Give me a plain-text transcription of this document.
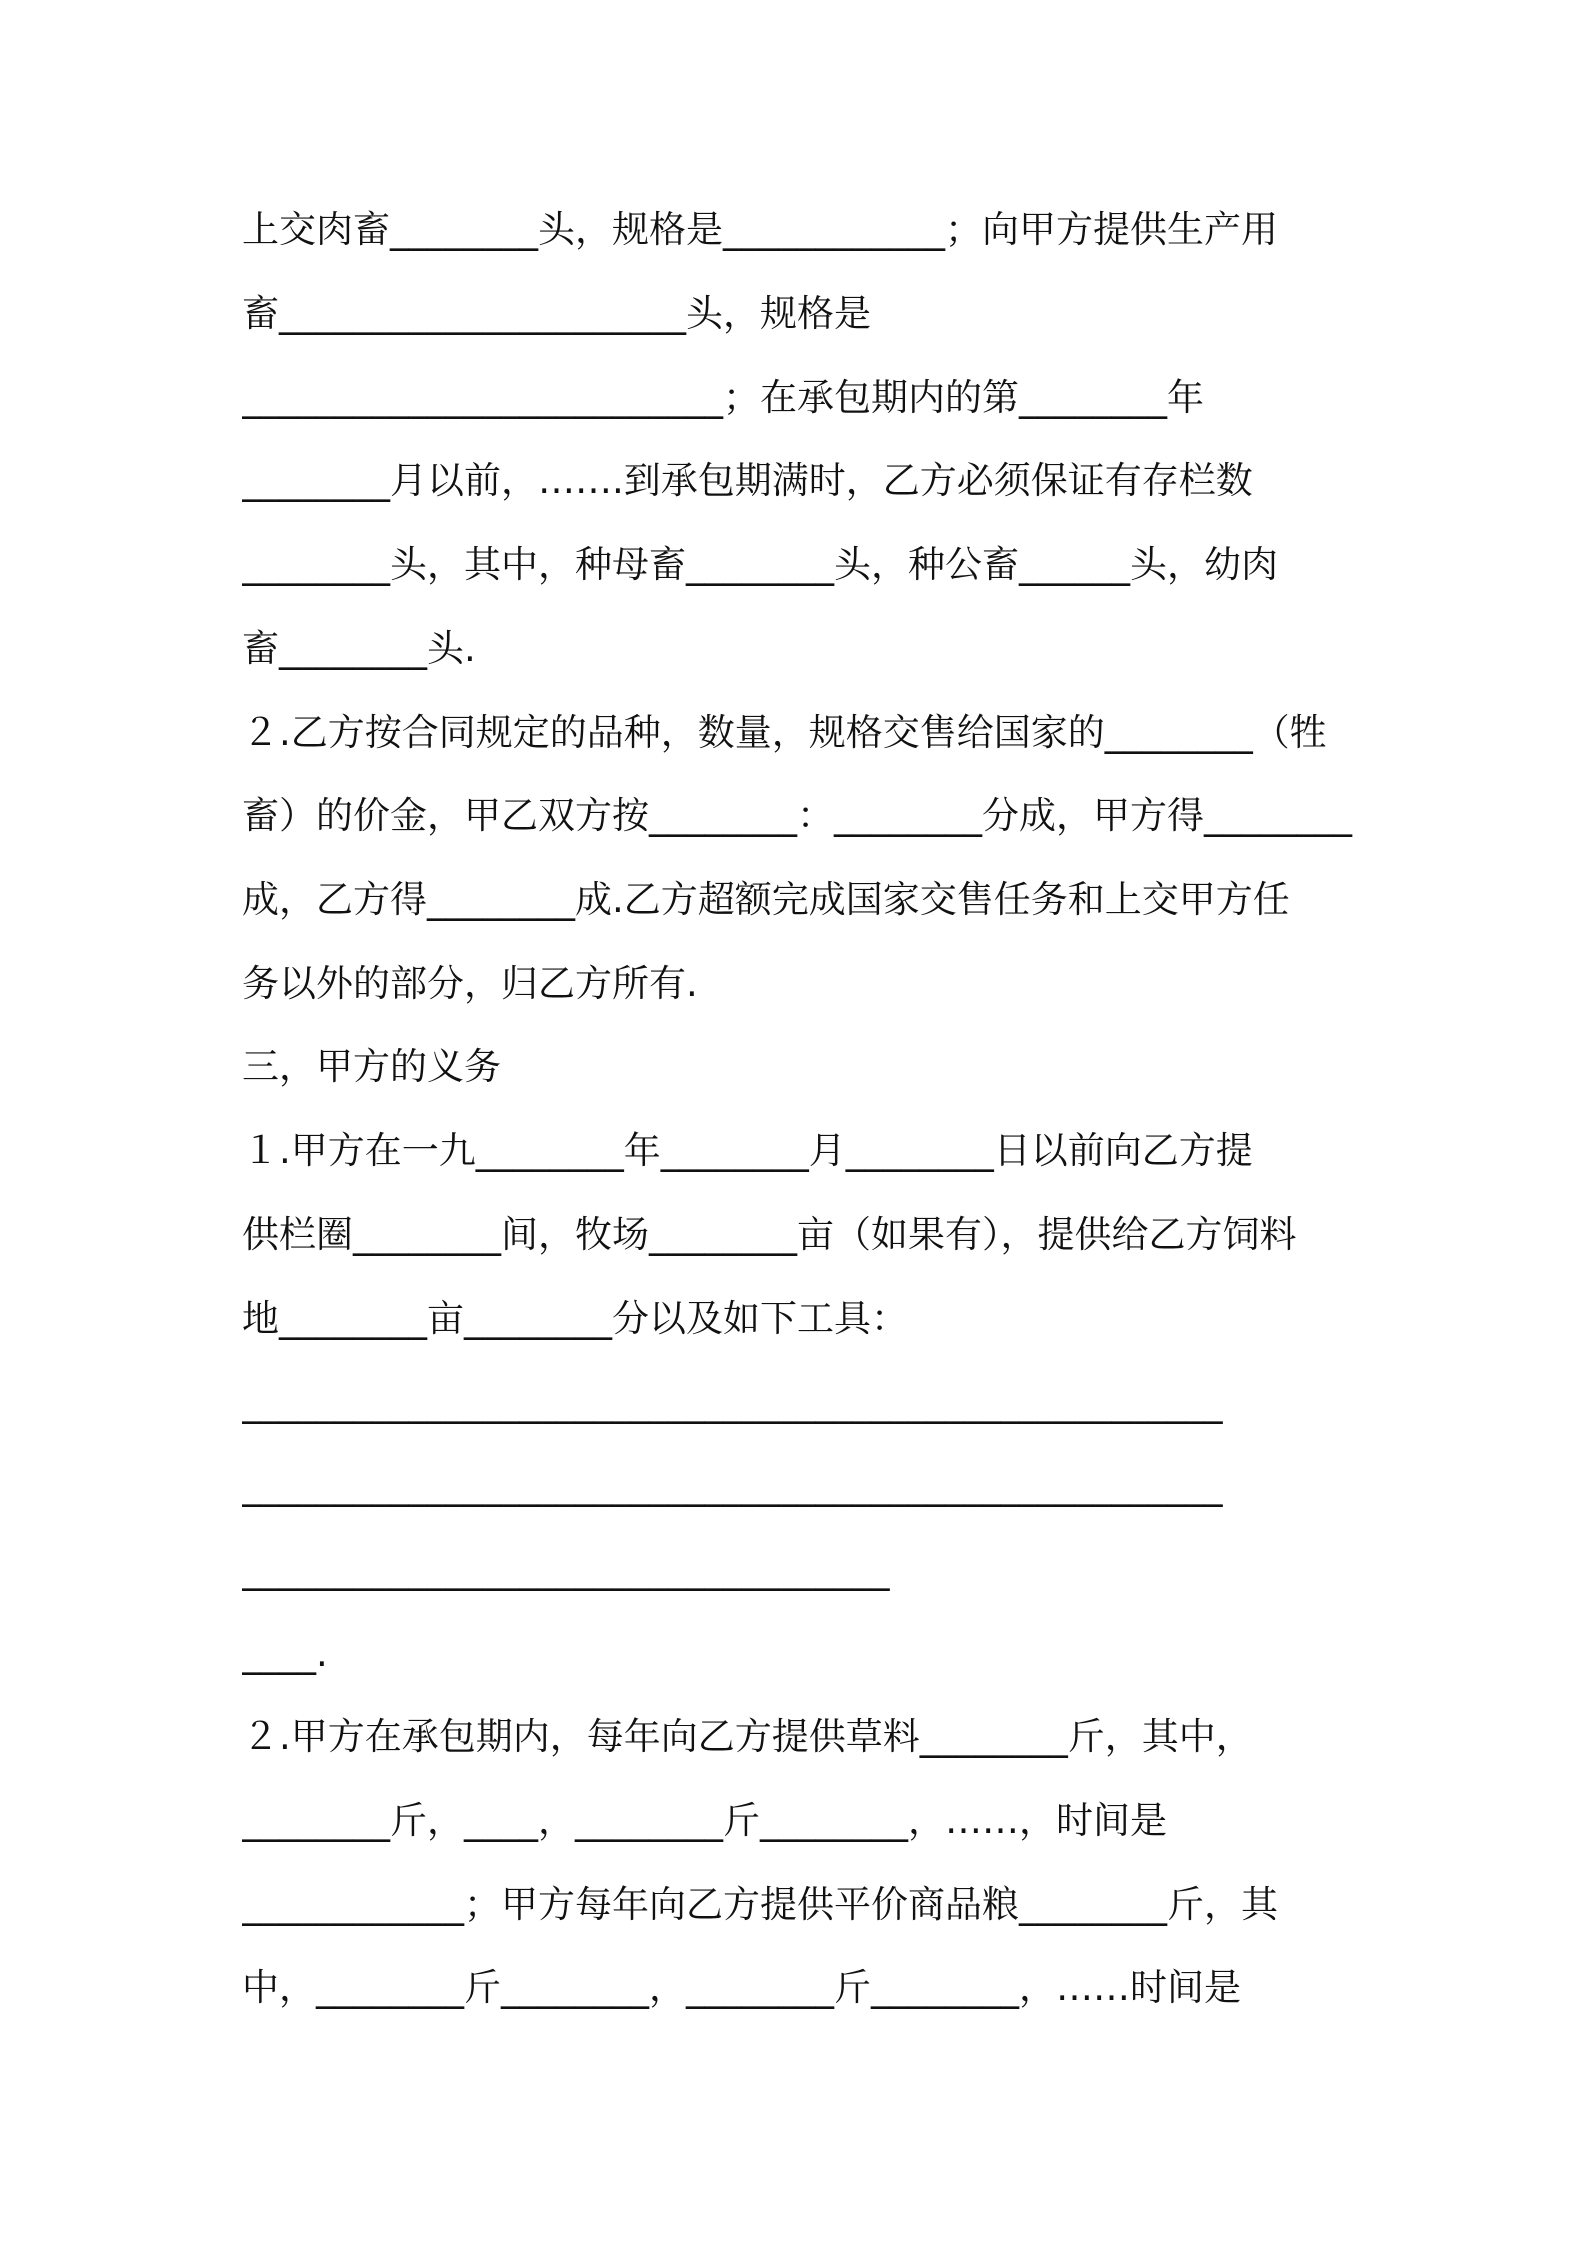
上交肉畜________头，规格是____________；向甲方提供生产用
畜______________________头，规格是
__________________________；在承包期内的第________年
________月以前，…….到承包期满时，乙方必须保证有存栏数
________头，其中，种母畜________头，种公畜______头，幼肉
畜________头.
２.乙方按合同规定的品种，数量，规格交售给国家的________（牲
畜）的价金，甲乙双方按________：________分成，甲方得________
成，乙方得________成.乙方超额完成国家交售任务和上交甲方任
务以外的部分，归乙方所有.
三，甲方的义务
１.甲方在一九________年________月________日以前向乙方提
供栏圈________间，牧场________亩（如果有），提供给乙方饲料
地________亩________分以及如下工具：
_____________________________________________________
_____________________________________________________
___________________________________
____.
２.甲方在承包期内，每年向乙方提供草料________斤，其中，
________斤，____，________斤________，……，时间是
____________；甲方每年向乙方提供平价商品粮________斤，其
中，________斤________，________斤________，……时间是
